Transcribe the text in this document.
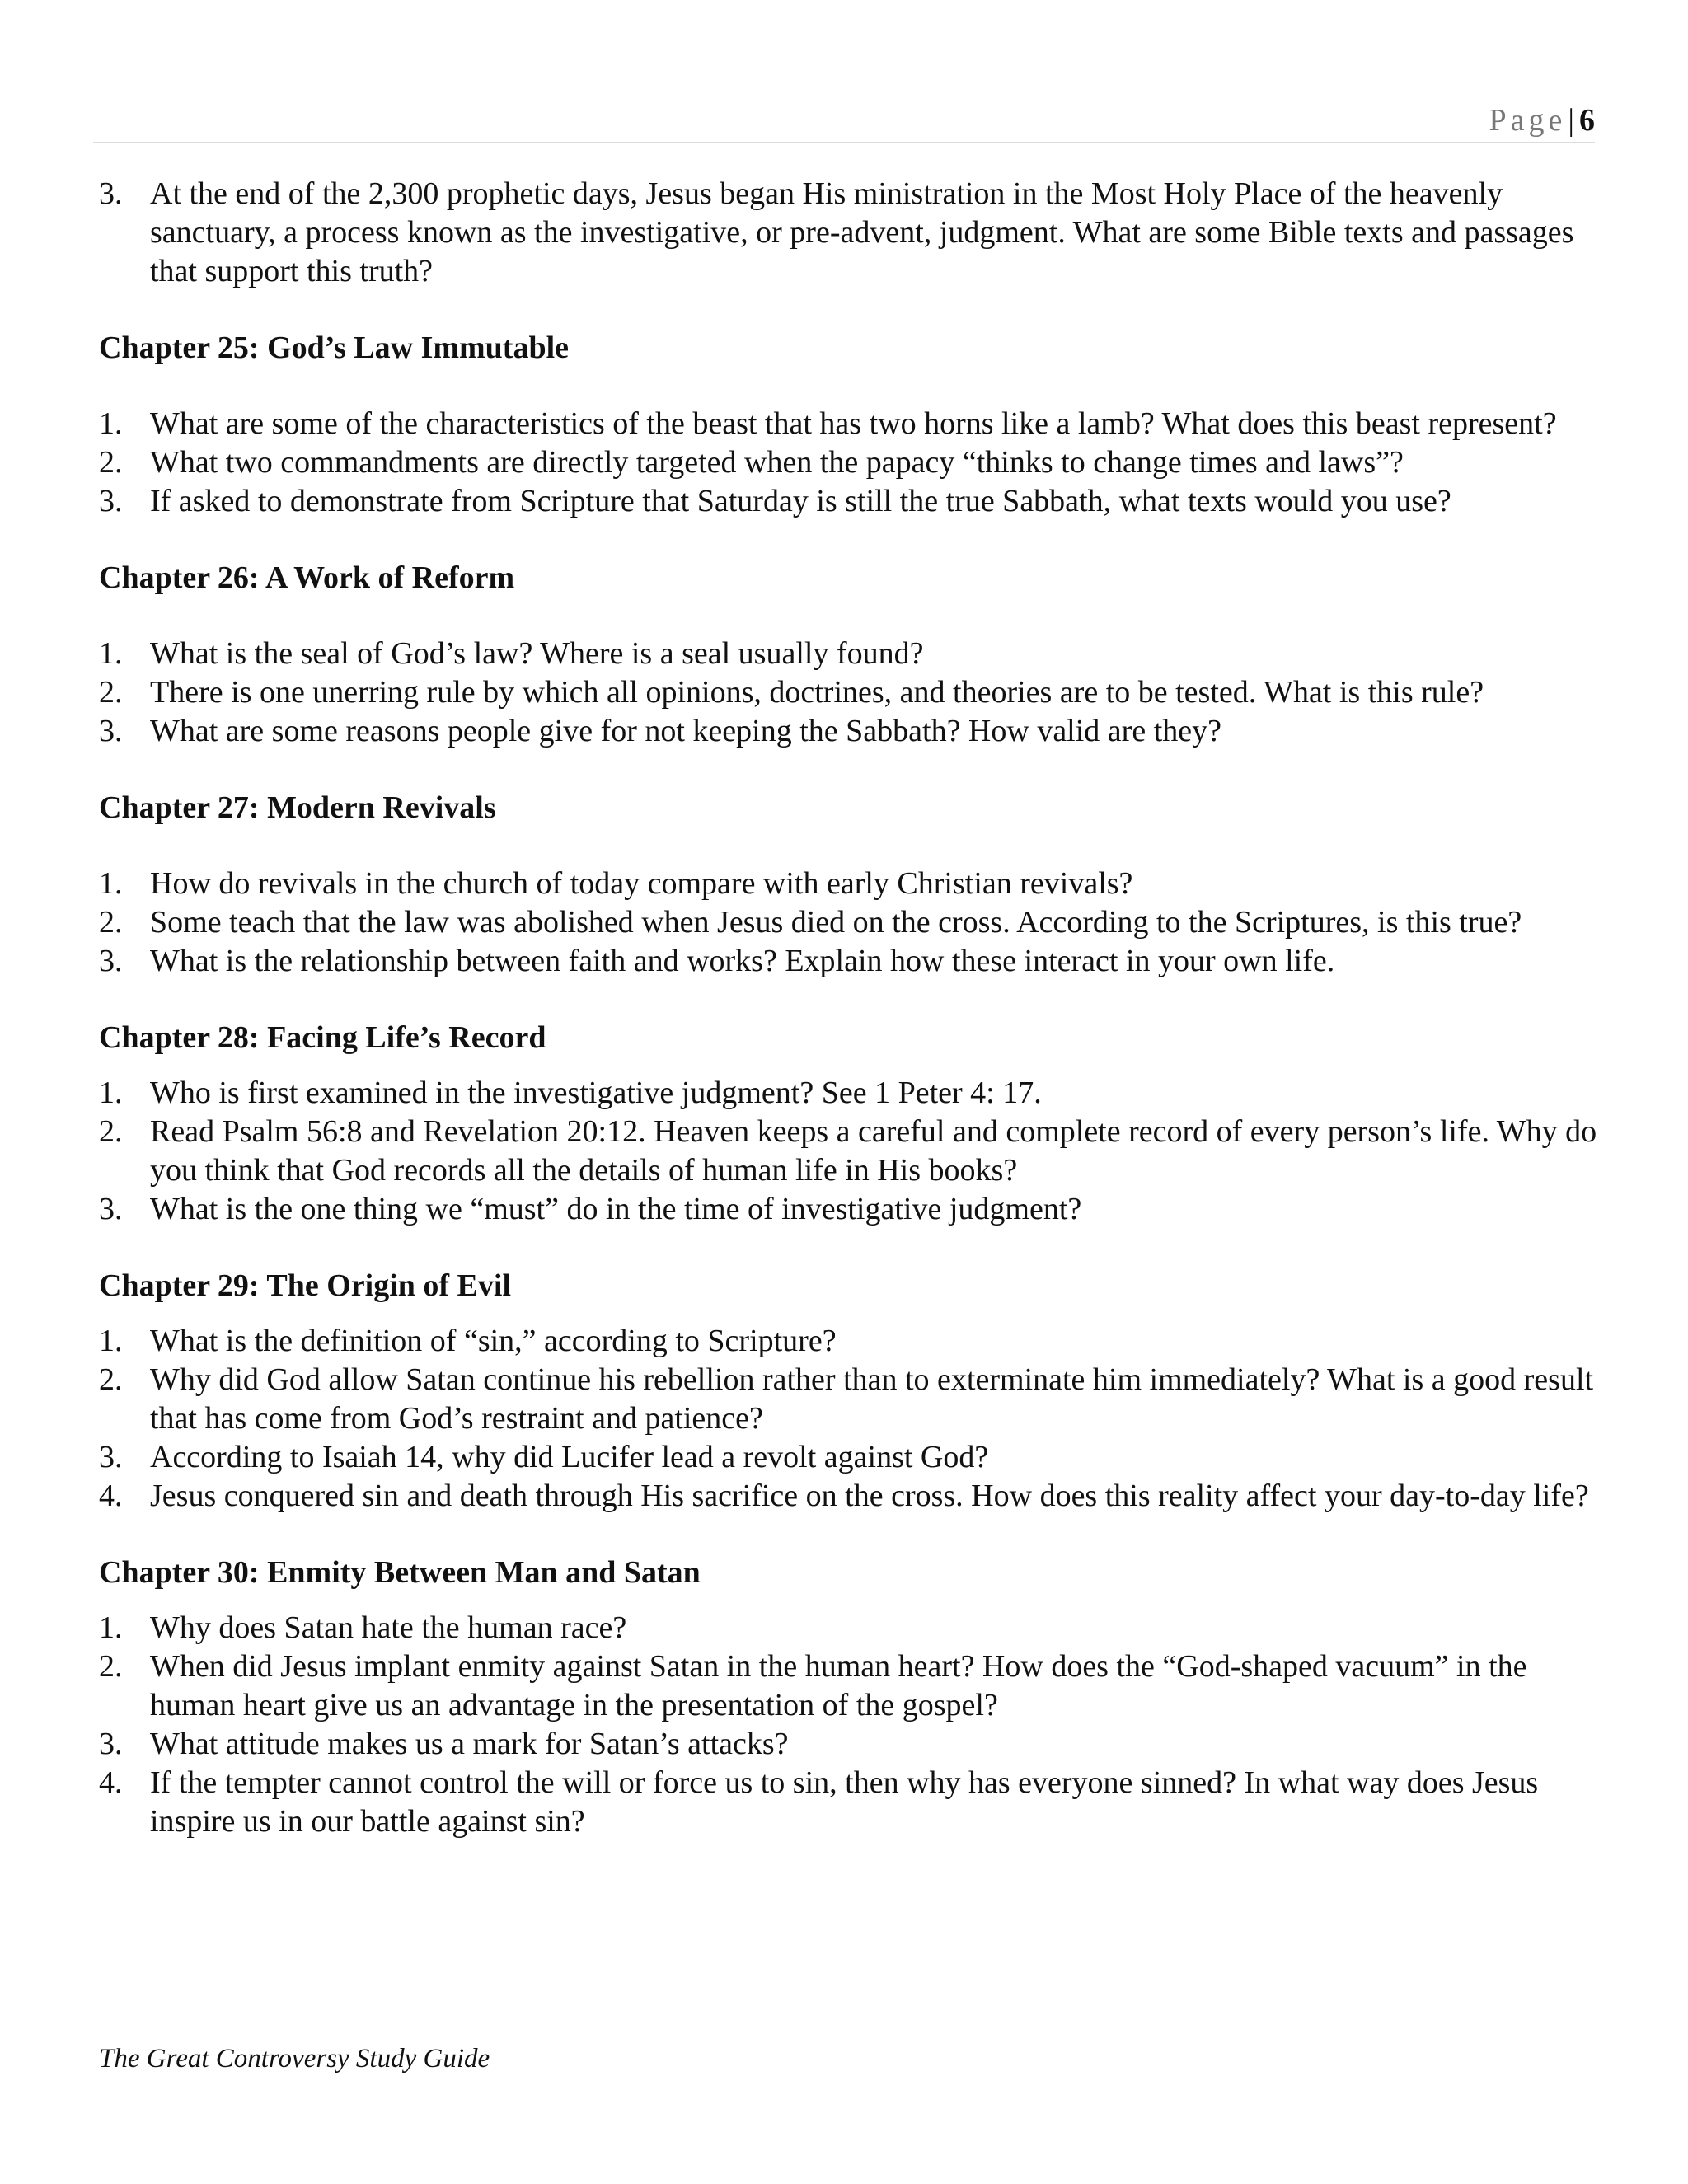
Page| 6
3. At the end of the 2,300 prophetic days, Jesus began His ministration in the Most Holy Place of the heavenly sanctuary, a process known as the investigative, or pre-advent, judgment. What are some Bible texts and passages that support this truth?
Chapter 25: God’s Law Immutable
1. What are some of the characteristics of the beast that has two horns like a lamb? What does this beast represent?
2. What two commandments are directly targeted when the papacy “thinks to change times and laws”?
3. If asked to demonstrate from Scripture that Saturday is still the true Sabbath, what texts would you use?
Chapter 26: A Work of Reform
1. What is the seal of God’s law? Where is a seal usually found?
2. There is one unerring rule by which all opinions, doctrines, and theories are to be tested. What is this rule?
3. What are some reasons people give for not keeping the Sabbath? How valid are they?
Chapter 27: Modern Revivals
1. How do revivals in the church of today compare with early Christian revivals?
2. Some teach that the law was abolished when Jesus died on the cross. According to the Scriptures, is this true?
3. What is the relationship between faith and works? Explain how these interact in your own life.
Chapter 28: Facing Life’s Record
1. Who is first examined in the investigative judgment? See 1 Peter 4: 17.
2. Read Psalm 56:8 and Revelation 20:12. Heaven keeps a careful and complete record of every person’s life. Why do you think that God records all the details of human life in His books?
3. What is the one thing we “must” do in the time of investigative judgment?
Chapter 29: The Origin of Evil
1. What is the definition of “sin,” according to Scripture?
2. Why did God allow Satan continue his rebellion rather than to exterminate him immediately? What is a good result that has come from God’s restraint and patience?
3. According to Isaiah 14, why did Lucifer lead a revolt against God?
4. Jesus conquered sin and death through His sacrifice on the cross. How does this reality affect your day-to-day life?
Chapter 30: Enmity Between Man and Satan
1. Why does Satan hate the human race?
2. When did Jesus implant enmity against Satan in the human heart? How does the “God-shaped vacuum” in the human heart give us an advantage in the presentation of the gospel?
3. What attitude makes us a mark for Satan’s attacks?
4. If the tempter cannot control the will or force us to sin, then why has everyone sinned? In what way does Jesus inspire us in our battle against sin?
The Great Controversy Study Guide
